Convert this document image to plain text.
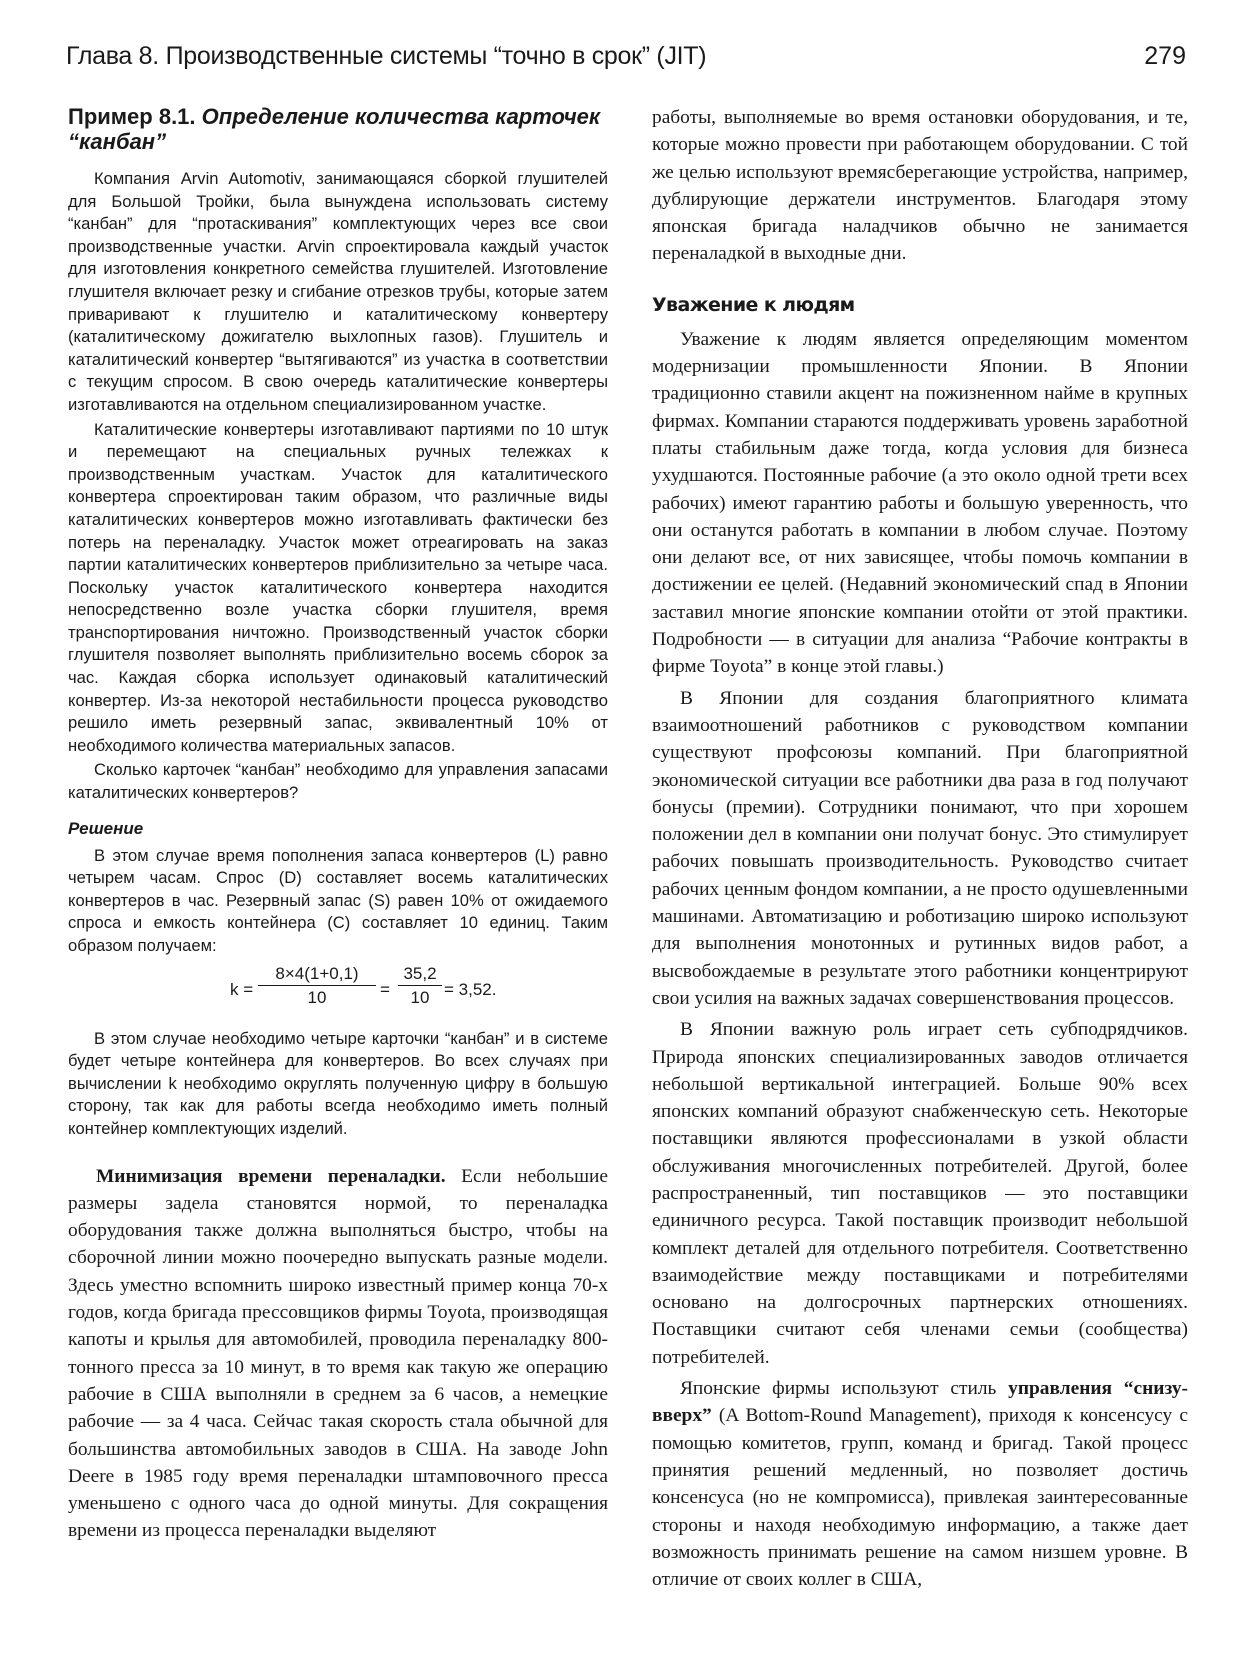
Глава 8. Производственные системы “точно в срок” (JIT)	279
Пример 8.1. Определение количества карточек “канбан”

Компания Arvin Automotiv, занимающаяся сборкой глушителей для Большой Тройки, была вынуждена использовать систему “канбан” для “протаскивания” комплектующих через все свои производственные участки. Arvin спроектировала каждый участок для изготовления конкретного семейства глушителей. Изготовление глушителя включает резку и сгибание отрезков трубы, которые затем приваривают к глушителю и каталитическому конвертеру (каталитическому дожигателю выхлопных газов). Глушитель и каталитический конвертер “вытягиваются” из участка в соответствии с текущим спросом. В свою очередь каталитические конвертеры изготавливаются на отдельном специализированном участке.

Каталитические конвертеры изготавливают партиями по 10 штук и перемещают на специальных ручных тележках к производственным участкам. Участок для каталитического конвертера спроектирован таким образом, что различные виды каталитических конвертеров можно изготавливать фактически без потерь на переналадку. Участок может отреагировать на заказ партии каталитических конвертеров приблизительно за четыре часа. Поскольку участок каталитического конвертера находится непосредственно возле участка сборки глушителя, время транспортирования ничтожно. Производственный участок сборки глушителя позволяет выполнять приблизительно восемь сборок за час. Каждая сборка использует одинаковый каталитический конвертер. Из-за некоторой нестабильности процесса руководство решило иметь резервный запас, эквивалентный 10% от необходимого количества материальных запасов.

Сколько карточек “канбан” необходимо для управления запасами каталитических конвертеров?

Решение

В этом случае время пополнения запаса конвертеров (L) равно четырем часам. Спрос (D) составляет восемь каталитических конвертеров в час. Резервный запас (S) равен 10% от ожидаемого спроса и емкость контейнера (C) составляет 10 единиц. Таким образом получаем:

$k = \frac{8\times 4(1+0,1)}{10} = \frac{35,2}{10} = 3,52$.

В этом случае необходимо четыре карточки “канбан” и в системе будет четыре контейнера для конвертеров. Во всех случаях при вычислении k необходимо округлять полученную цифру в большую сторону, так как для работы всегда необходимо иметь полный контейнер комплектующих изделий.

Минимизация времени переналадки. Если небольшие размеры задела становятся нормой, то переналадка оборудования также должна выполняться быстро, чтобы на сборочной линии можно поочередно выпускать разные модели. Здесь уместно вспомнить широко известный пример конца 70-х годов, когда бригада прессовщиков фирмы Toyota, производящая капоты и крылья для автомобилей, проводила переналадку 800-тонного пресса за 10 минут, в то время как такую же операцию рабочие в США выполняли в среднем за 6 часов, а немецкие рабочие — за 4 часа. Сейчас такая скорость стала обычной для большинства автомобильных заводов в США. На заводе John Deere в 1985 году время переналадки штамповочного пресса уменьшено с одного часа до одной минуты. Для сокращения времени из процесса переналадки выделяют

работы, выполняемые во время остановки оборудования, и те, которые можно провести при работающем оборудовании. С той же целью используют времясберегающие устройства, например, дублирующие держатели инструментов. Благодаря этому японская бригада наладчиков обычно не занимается переналадкой в выходные дни.

Уважение к людям

Уважение к людям является определяющим моментом модернизации промышленности Японии. В Японии традиционно ставили акцент на пожизненном найме в крупных фирмах. Компании стараются поддерживать уровень заработной платы стабильным даже тогда, когда условия для бизнеса ухудшаются. Постоянные рабочие (а это около одной трети всех рабочих) имеют гарантию работы и большую уверенность, что они останутся работать в компании в любом случае. Поэтому они делают все, от них зависящее, чтобы помочь компании в достижении ее целей. (Недавний экономический спад в Японии заставил многие японские компании отойти от этой практики. Подробности — в ситуации для анализа “Рабочие контракты в фирме Toyota” в конце этой главы.)

В Японии для создания благоприятного климата взаимоотношений работников с руководством компании существуют профсоюзы компаний. При благоприятной экономической ситуации все работники два раза в год получают бонусы (премии). Сотрудники понимают, что при хорошем положении дел в компании они получат бонус. Это стимулирует рабочих повышать производительность. Руководство считает рабочих ценным фондом компании, а не просто одушевленными машинами. Автоматизацию и роботизацию широко используют для выполнения монотонных и рутинных видов работ, а высвобождаемые в результате этого работники концентрируют свои усилия на важных задачах совершенствования процессов.

В Японии важную роль играет сеть субподрядчиков. Природа японских специализированных заводов отличается небольшой вертикальной интеграцией. Больше 90% всех японских компаний образуют снабженческую сеть. Некоторые поставщики являются профессионалами в узкой области обслуживания многочисленных потребителей. Другой, более распространенный, тип поставщиков — это поставщики единичного ресурса. Такой поставщик производит небольшой комплект деталей для отдельного потребителя. Соответственно взаимодействие между поставщиками и потребителями основано на долгосрочных партнерских отношениях. Поставщики считают себя членами семьи (сообщества) потребителей.

Японские фирмы используют стиль управления “снизу-вверх” (A Bottom-Round Management), приходя к консенсусу с помощью комитетов, групп, команд и бригад. Такой процесс принятия решений медленный, но позволяет достичь консенсуса (но не компромисса), привлекая заинтересованные стороны и находя необходимую информацию, а также дает возможность принимать решение на самом низшем уровне. В отличие от своих коллег в США,
